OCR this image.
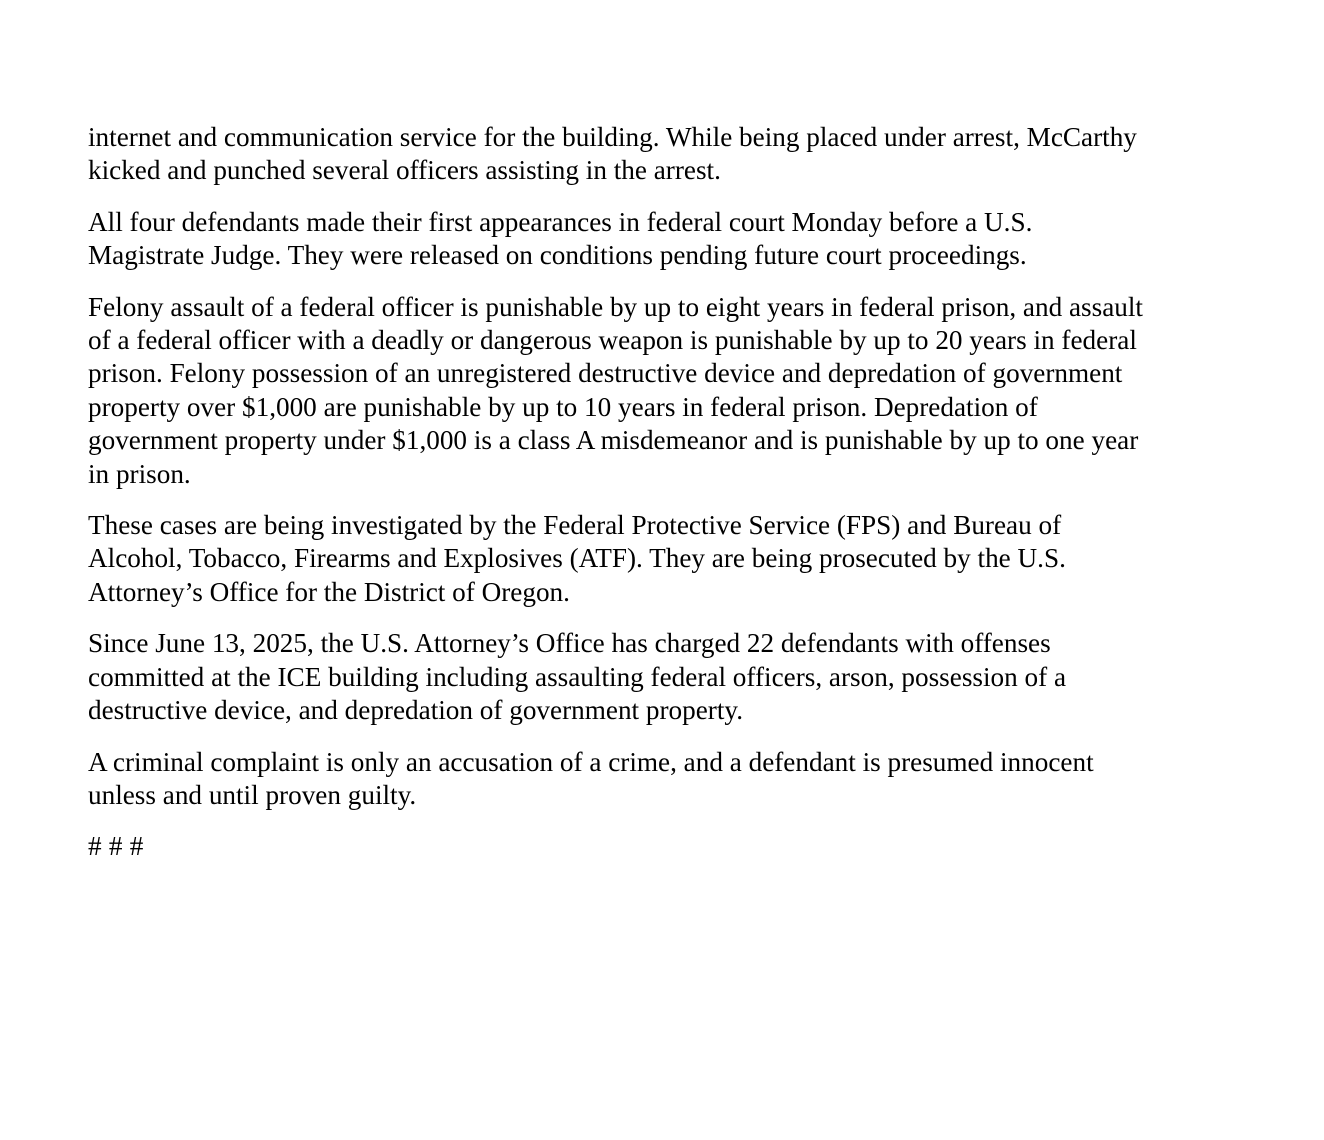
internet and communication service for the building. While being placed under arrest, McCarthy
kicked and punched several officers assisting in the arrest.

All four defendants made their first appearances in federal court Monday before a U.S.
Magistrate Judge. They were released on conditions pending future court proceedings.

Felony assault of a federal officer is punishable by up to eight years in federal prison, and assault
of a federal officer with a deadly or dangerous weapon is punishable by up to 20 years in federal
prison. Felony possession of an unregistered destructive device and depredation of government
property over $1,000 are punishable by up to 10 years in federal prison. Depredation of
government property under $1,000 is a class A misdemeanor and is punishable by up to one year
in prison.

These cases are being investigated by the Federal Protective Service (FPS) and Bureau of
Alcohol, Tobacco, Firearms and Explosives (ATF). They are being prosecuted by the U.S.
Attorney’s Office for the District of Oregon.

Since June 13, 2025, the U.S. Attorney’s Office has charged 22 defendants with offenses
committed at the ICE building including assaulting federal officers, arson, possession of a
destructive device, and depredation of government property.

A criminal complaint is only an accusation of a crime, and a defendant is presumed innocent
unless and until proven guilty.

# # #
